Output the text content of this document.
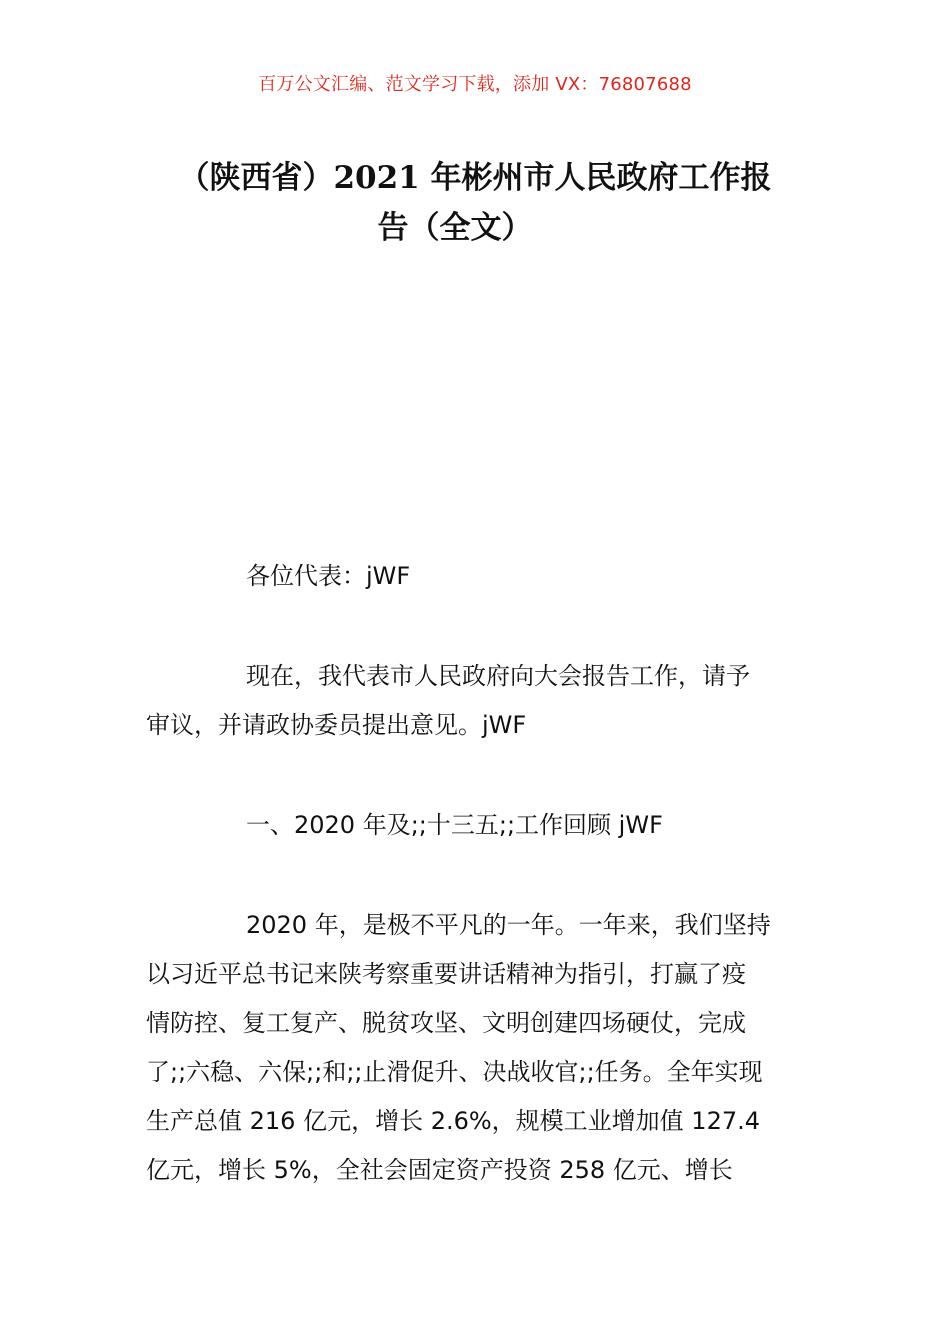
百万公文汇编、范文学习下载，添加 VX：76807688
（陕西省）2021 年彬州市人民政府工作报
告（全文）
各位代表：jWF
现在，我代表市人民政府向大会报告工作，请予
审议，并请政协委员提出意见。jWF
一、2020 年及;;十三五;;工作回顾 jWF
2020 年，是极不平凡的一年。一年来，我们坚持
以习近平总书记来陕考察重要讲话精神为指引，打赢了疫
情防控、复工复产、脱贫攻坚、文明创建四场硬仗，完成
了;;六稳、六保;;和;;止滑促升、决战收官;;任务。全年实现
生产总值 216 亿元，增长 2.6%，规模工业增加值 127.4
亿元，增长 5%，全社会固定资产投资 258 亿元、增长
